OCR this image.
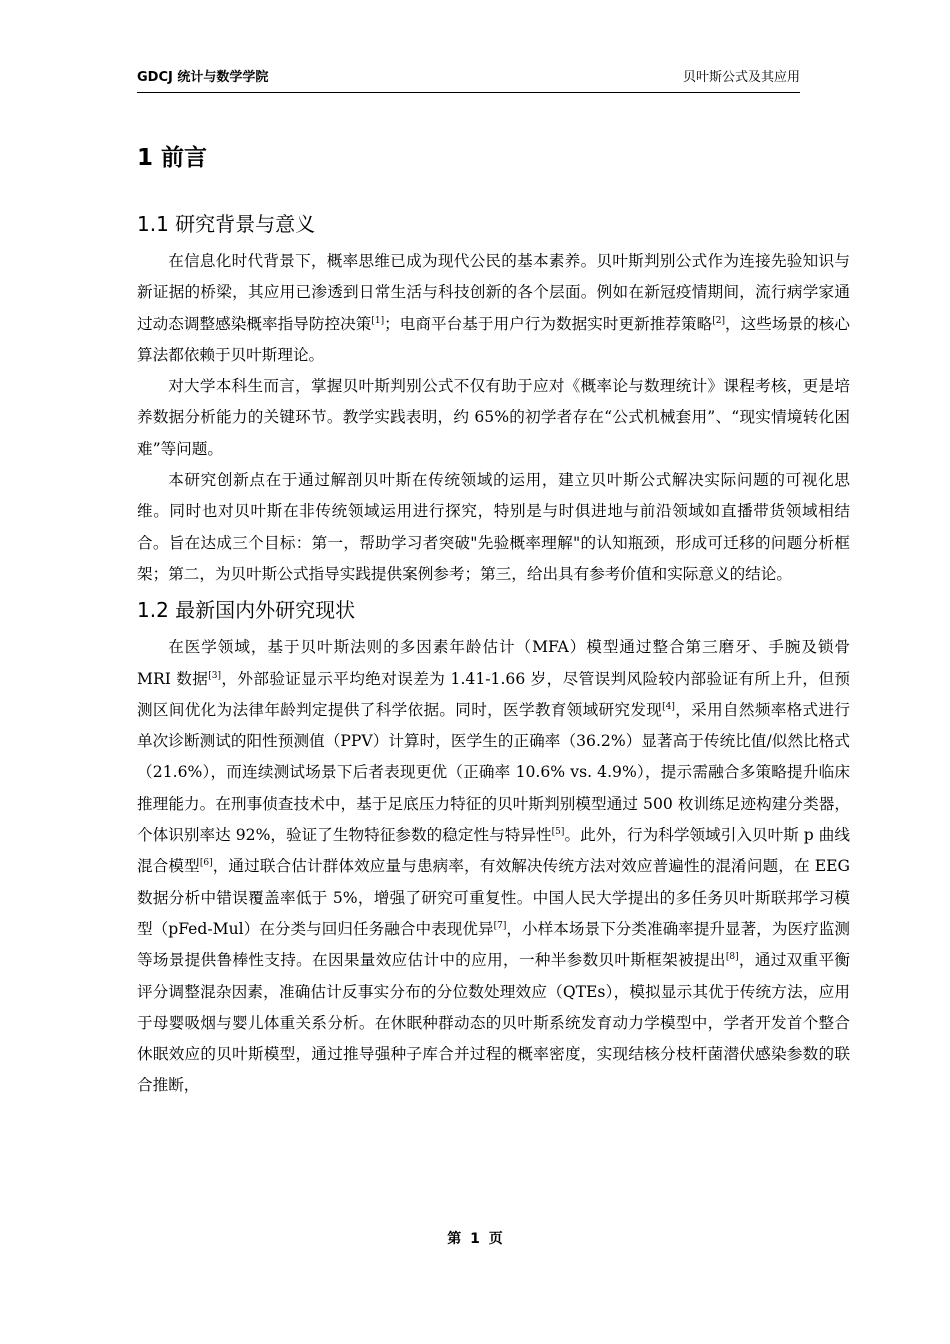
GDCJ 统计与数学学院	贝叶斯公式及其应用
1 前言
1.1 研究背景与意义

在信息化时代背景下，概率思维已成为现代公民的基本素养。贝叶斯判别公式作为连接先验知识与新证据的桥梁，其应用已渗透到日常生活与科技创新的各个层面。例如在新冠疫情期间，流行病学家通过动态调整感染概率指导防控决策[1]；电商平台基于用户行为数据实时更新推荐策略[2]，这些场景的核心算法都依赖于贝叶斯理论。

对大学本科生而言，掌握贝叶斯判别公式不仅有助于应对《概率论与数理统计》课程考核，更是培养数据分析能力的关键环节。教学实践表明，约 65%的初学者存在“公式机械套用”、“现实情境转化困难”等问题。

本研究创新点在于通过解剖贝叶斯在传统领域的运用，建立贝叶斯公式解决实际问题的可视化思维。同时也对贝叶斯在非传统领域运用进行探究，特别是与时俱进地与前沿领域如直播带货领域相结合。旨在达成三个目标：第一，帮助学习者突破"先验概率理解"的认知瓶颈，形成可迁移的问题分析框架；第二，为贝叶斯公式指导实践提供案例参考；第三，给出具有参考价值和实际意义的结论。

1.2 最新国内外研究现状

在医学领域，基于贝叶斯法则的多因素年龄估计（MFA）模型通过整合第三磨牙、手腕及锁骨 MRI 数据[3]，外部验证显示平均绝对误差为 1.41-1.66 岁，尽管误判风险较内部验证有所上升，但预测区间优化为法律年龄判定提供了科学依据。同时，医学教育领域研究发现[4]，采用自然频率格式进行单次诊断测试的阳性预测值（PPV）计算时，医学生的正确率（36.2%）显著高于传统比值/似然比格式（21.6%），而连续测试场景下后者表现更优（正确率 10.6% vs. 4.9%），提示需融合多策略提升临床推理能力。在刑事侦查技术中，基于足底压力特征的贝叶斯判别模型通过 500 枚训练足迹构建分类器，个体识别率达 92%，验证了生物特征参数的稳定性与特异性[5]。此外，行为科学领域引入贝叶斯 p 曲线混合模型[6]，通过联合估计群体效应量与患病率，有效解决传统方法对效应普遍性的混淆问题，在 EEG 数据分析中错误覆盖率低于 5%，增强了研究可重复性。中国人民大学提出的多任务贝叶斯联邦学习模型（pFed-Mul）在分类与回归任务融合中表现优异[7]，小样本场景下分类准确率提升显著，为医疗监测等场景提供鲁棒性支持。在因果量效应估计中的应用，一种半参数贝叶斯框架被提出[8]，通过双重平衡评分调整混杂因素，准确估计反事实分布的分位数处理效应（QTEs），模拟显示其优于传统方法，应用于母婴吸烟与婴儿体重关系分析。在休眠种群动态的贝叶斯系统发育动力学模型中，学者开发首个整合休眠效应的贝叶斯模型，通过推导强种子库合并过程的概率密度，实现结核分枝杆菌潜伏感染参数的联合推断，

第 1 页
